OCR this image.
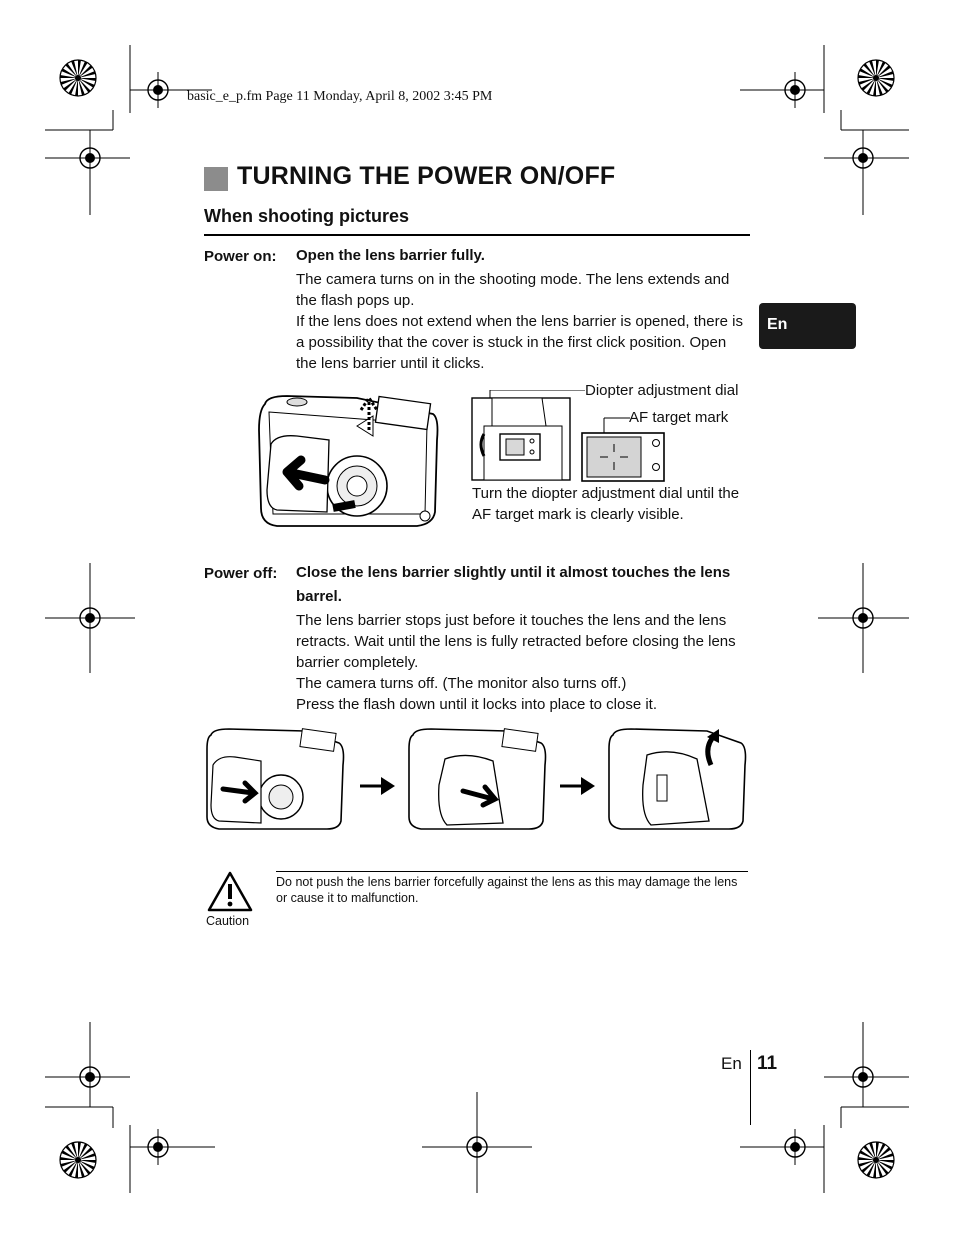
basic_e_p.fm Page 11 Monday, April 8, 2002 3:45 PM
TURNING THE POWER ON/OFF
When shooting pictures
En
Power on: Open the lens barrier fully.

The camera turns on in the shooting mode. The lens extends and the flash pops up.

If the lens does not extend when the lens barrier is opened, there is a possibility that the cover is stuck in the first click position. Open the lens barrier until it clicks.

Diopter adjustment dial
AF target mark
Turn the diopter adjustment dial until the AF target mark is clearly visible.
Power off: Close the lens barrier slightly until it almost touches the lens barrel.

The lens barrier stops just before it touches the lens and the lens retracts. Wait until the lens is fully retracted before closing the lens barrier completely.

The camera turns off. (The monitor also turns off.)

Press the flash down until it locks into place to close it.

Caution
Do not push the lens barrier forcefully against the lens as this may damage the lens or cause it to malfunction.
En 11
